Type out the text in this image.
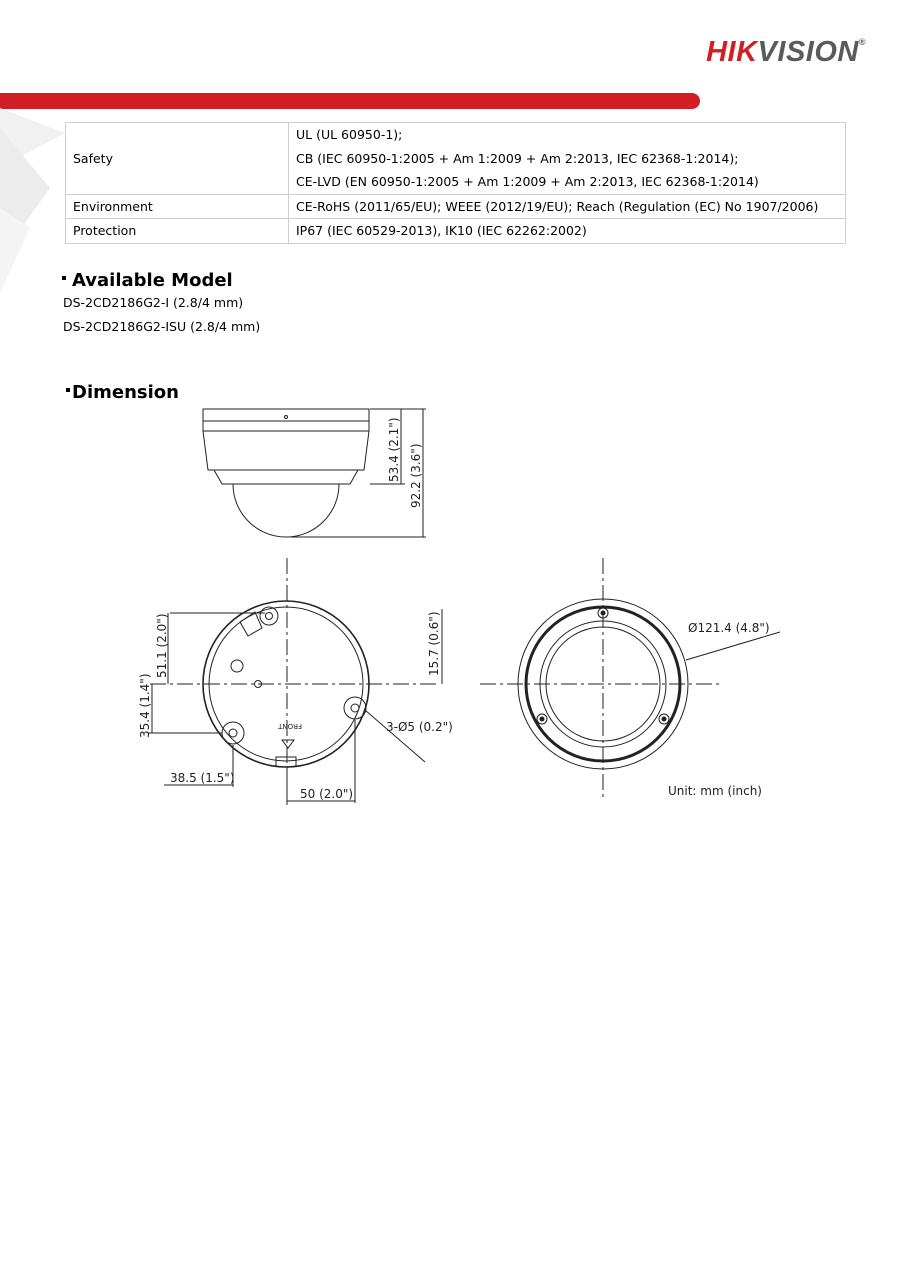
HIKVISION®
Safety	UL (UL 60950-1);
CB (IEC 60950-1:2005 + Am 1:2009 + Am 2:2013, IEC 62368-1:2014);
CE-LVD (EN 60950-1:2005 + Am 1:2009 + Am 2:2013, IEC 62368-1:2014)

Environment	CE-RoHS (2011/65/EU); WEEE (2012/19/EU); Reach (Regulation (EC) No 1907/2006)
Protection	IP67 (IEC 60529-2013), IK10 (IEC 62262:2002)
Available Model
DS-2CD2186G2-I (2.8/4 mm)
DS-2CD2186G2-ISU (2.8/4 mm)
Dimension
53.4 (2.1") 92.2 (3.6")
51.1 (2.0")	15.7 (0.6")
35.4 (1.4")
38.5 (1.5")
50 (2.0")
3-Ø5 (0.2")
FRONT
Ø121.4 (4.8")
Unit: mm (inch)
